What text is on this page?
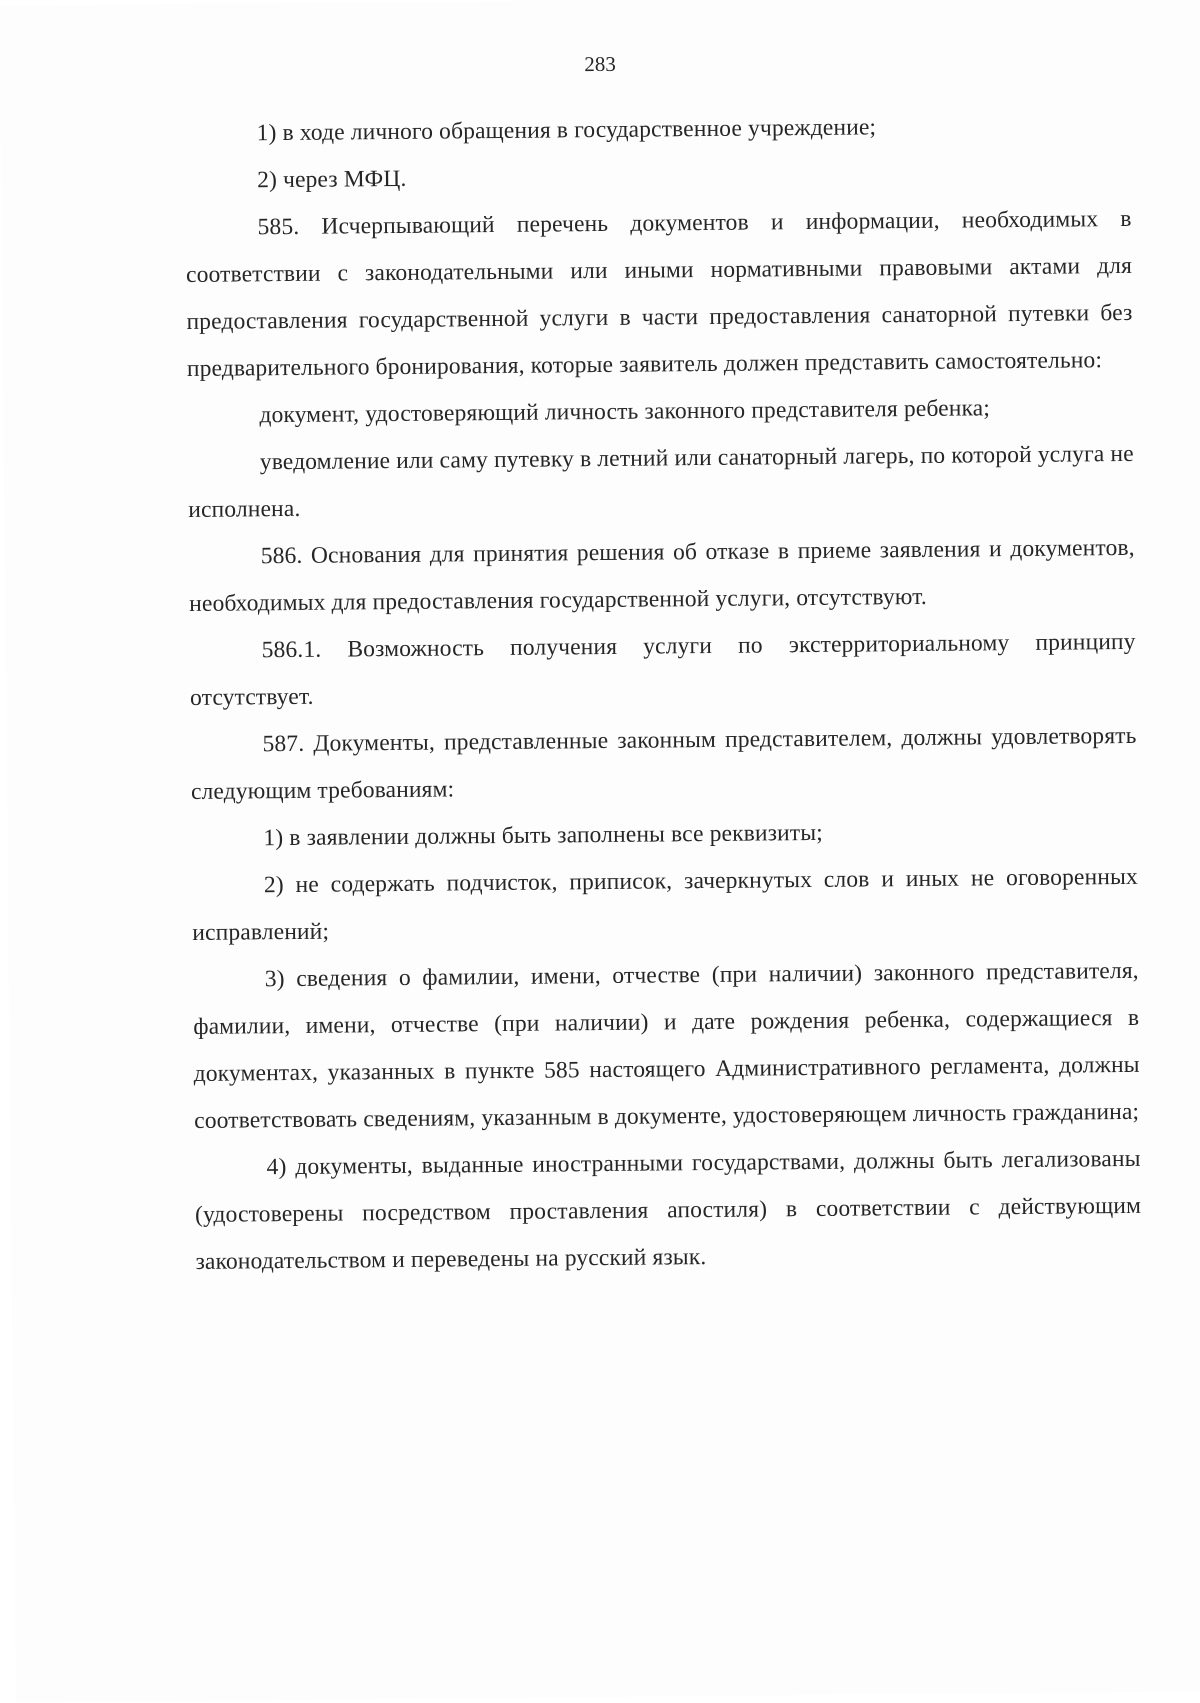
283

1) в ходе личного обращения в государственное учреждение;

2) через МФЦ.

585. Исчерпывающий перечень документов и информации, необходимых в соответствии с законодательными или иными нормативными правовыми актами для предоставления государственной услуги в части предоставления санаторной путевки без предварительного бронирования, которые заявитель должен представить самостоятельно:

документ, удостоверяющий личность законного представителя ребенка;

уведомление или саму путевку в летний или санаторный лагерь, по которой услуга не исполнена.

586. Основания для принятия решения об отказе в приеме заявления и документов, необходимых для предоставления государственной услуги, отсутствуют.

586.1. Возможность получения услуги по экстерриториальному принципу отсутствует.

587. Документы, представленные законным представителем, должны удовлетворять следующим требованиям:

1) в заявлении должны быть заполнены все реквизиты;

2) не содержать подчисток, приписок, зачеркнутых слов и иных не оговоренных исправлений;

3) сведения о фамилии, имени, отчестве (при наличии) законного представителя, фамилии, имени, отчестве (при наличии) и дате рождения ребенка, содержащиеся в документах, указанных в пункте 585 настоящего Административного регламента, должны соответствовать сведениям, указанным в документе, удостоверяющем личность гражданина;

4) документы, выданные иностранными государствами, должны быть легализованы (удостоверены посредством проставления апостиля) в соответствии с действующим законодательством и переведены на русский язык.
